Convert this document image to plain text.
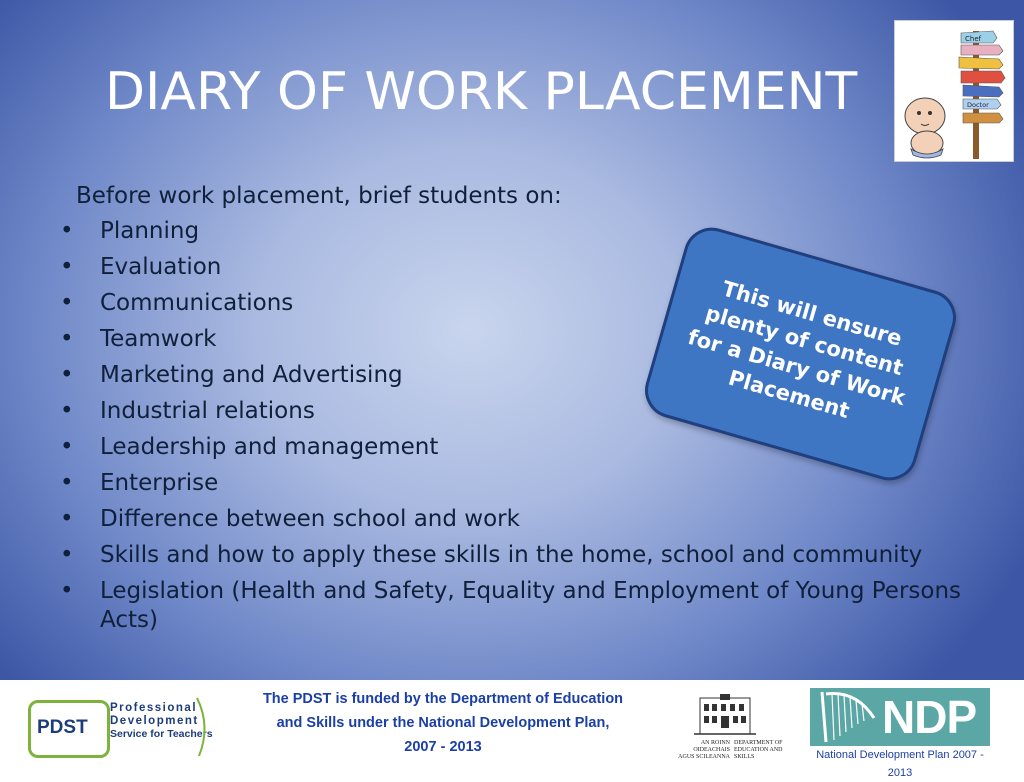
DIARY OF WORK PLACEMENT
Chef
Doctor
Before work placement, brief students on:
• Planning
• Evaluation
• Communications
• Teamwork
• Marketing and Advertising
• Industrial relations
• Leadership and management
• Enterprise
• Difference between school and work
• Skills and how to apply these skills in the home, school and community
• Legislation (Health and Safety, Equality and Employment of Young Persons Acts)
This will ensure plenty of content for a Diary of Work Placement
PDST
Professional
Development
Service for Teachers
The PDST is funded by the Department of Education and Skills under the National Development Plan, 2007 - 2013	AN ROINN OIDEACHAIS AGUS SCILEANNA
DEPARTMENT OF EDUCATION AND SKILLS
NDP
National Development Plan 2007 - 2013
